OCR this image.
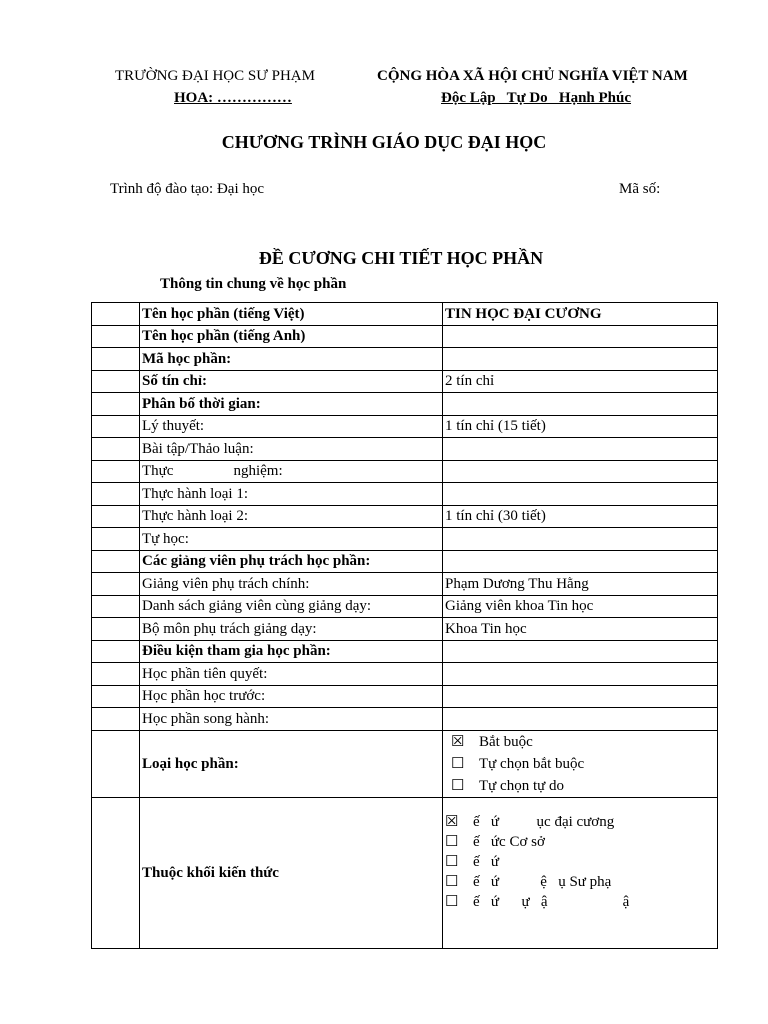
TRƯỜNG ĐẠI HỌC SƯ PHẠM
HOA: ……………
CỘNG HÒA XÃ HỘI CHỦ NGHĨA VIỆT NAM
Độc Lập   Tự Do   Hạnh Phúc
CHƯƠNG TRÌNH GIÁO DỤC ĐẠI HỌC
Trình độ đào tạo: Đại học	Mã số:
ĐỀ CƯƠNG CHI TIẾT HỌC PHẦN
Thông tin chung về học phần
	Tên học phần (tiếng Việt)	TIN HỌC ĐẠI CƯƠNG
	Tên học phần (tiếng Anh)	
	Mã học phần:	
	Số tín chỉ:	2 tín chỉ
	Phân bố thời gian:	
	Lý thuyết:	1 tín chỉ (15 tiết)
	Bài tập/Thảo luận:	
	Thực                nghiệm:	
	Thực hành loại 1:	
	Thực hành loại 2:	1 tín chỉ (30 tiết)
	Tự học:	
	Các giảng viên phụ trách học phần:	
	Giảng viên phụ trách chính:	Phạm Dương Thu Hằng
	Danh sách giảng viên cùng giảng dạy:	Giảng viên khoa Tin học
	Bộ môn phụ trách giảng dạy:	Khoa Tin học
	Điều kiện tham gia học phần:	
	Học phần tiên quyết:	
	Học phần học trước:	
	Học phần song hành:	
	Loại học phần:	☒ Bắt buộc
☐ Tự chọn bắt buộc
☐ Tự chọn tự do

	Thuộc khối kiến thức	☒ ế   ứ          ục đại cương
☐ ế   ức Cơ sở
☐ ế   ứ
☐ ế   ứ           ệ   ụ Sư phạ
☐ ế   ứ      ự   ậ                    ậ
